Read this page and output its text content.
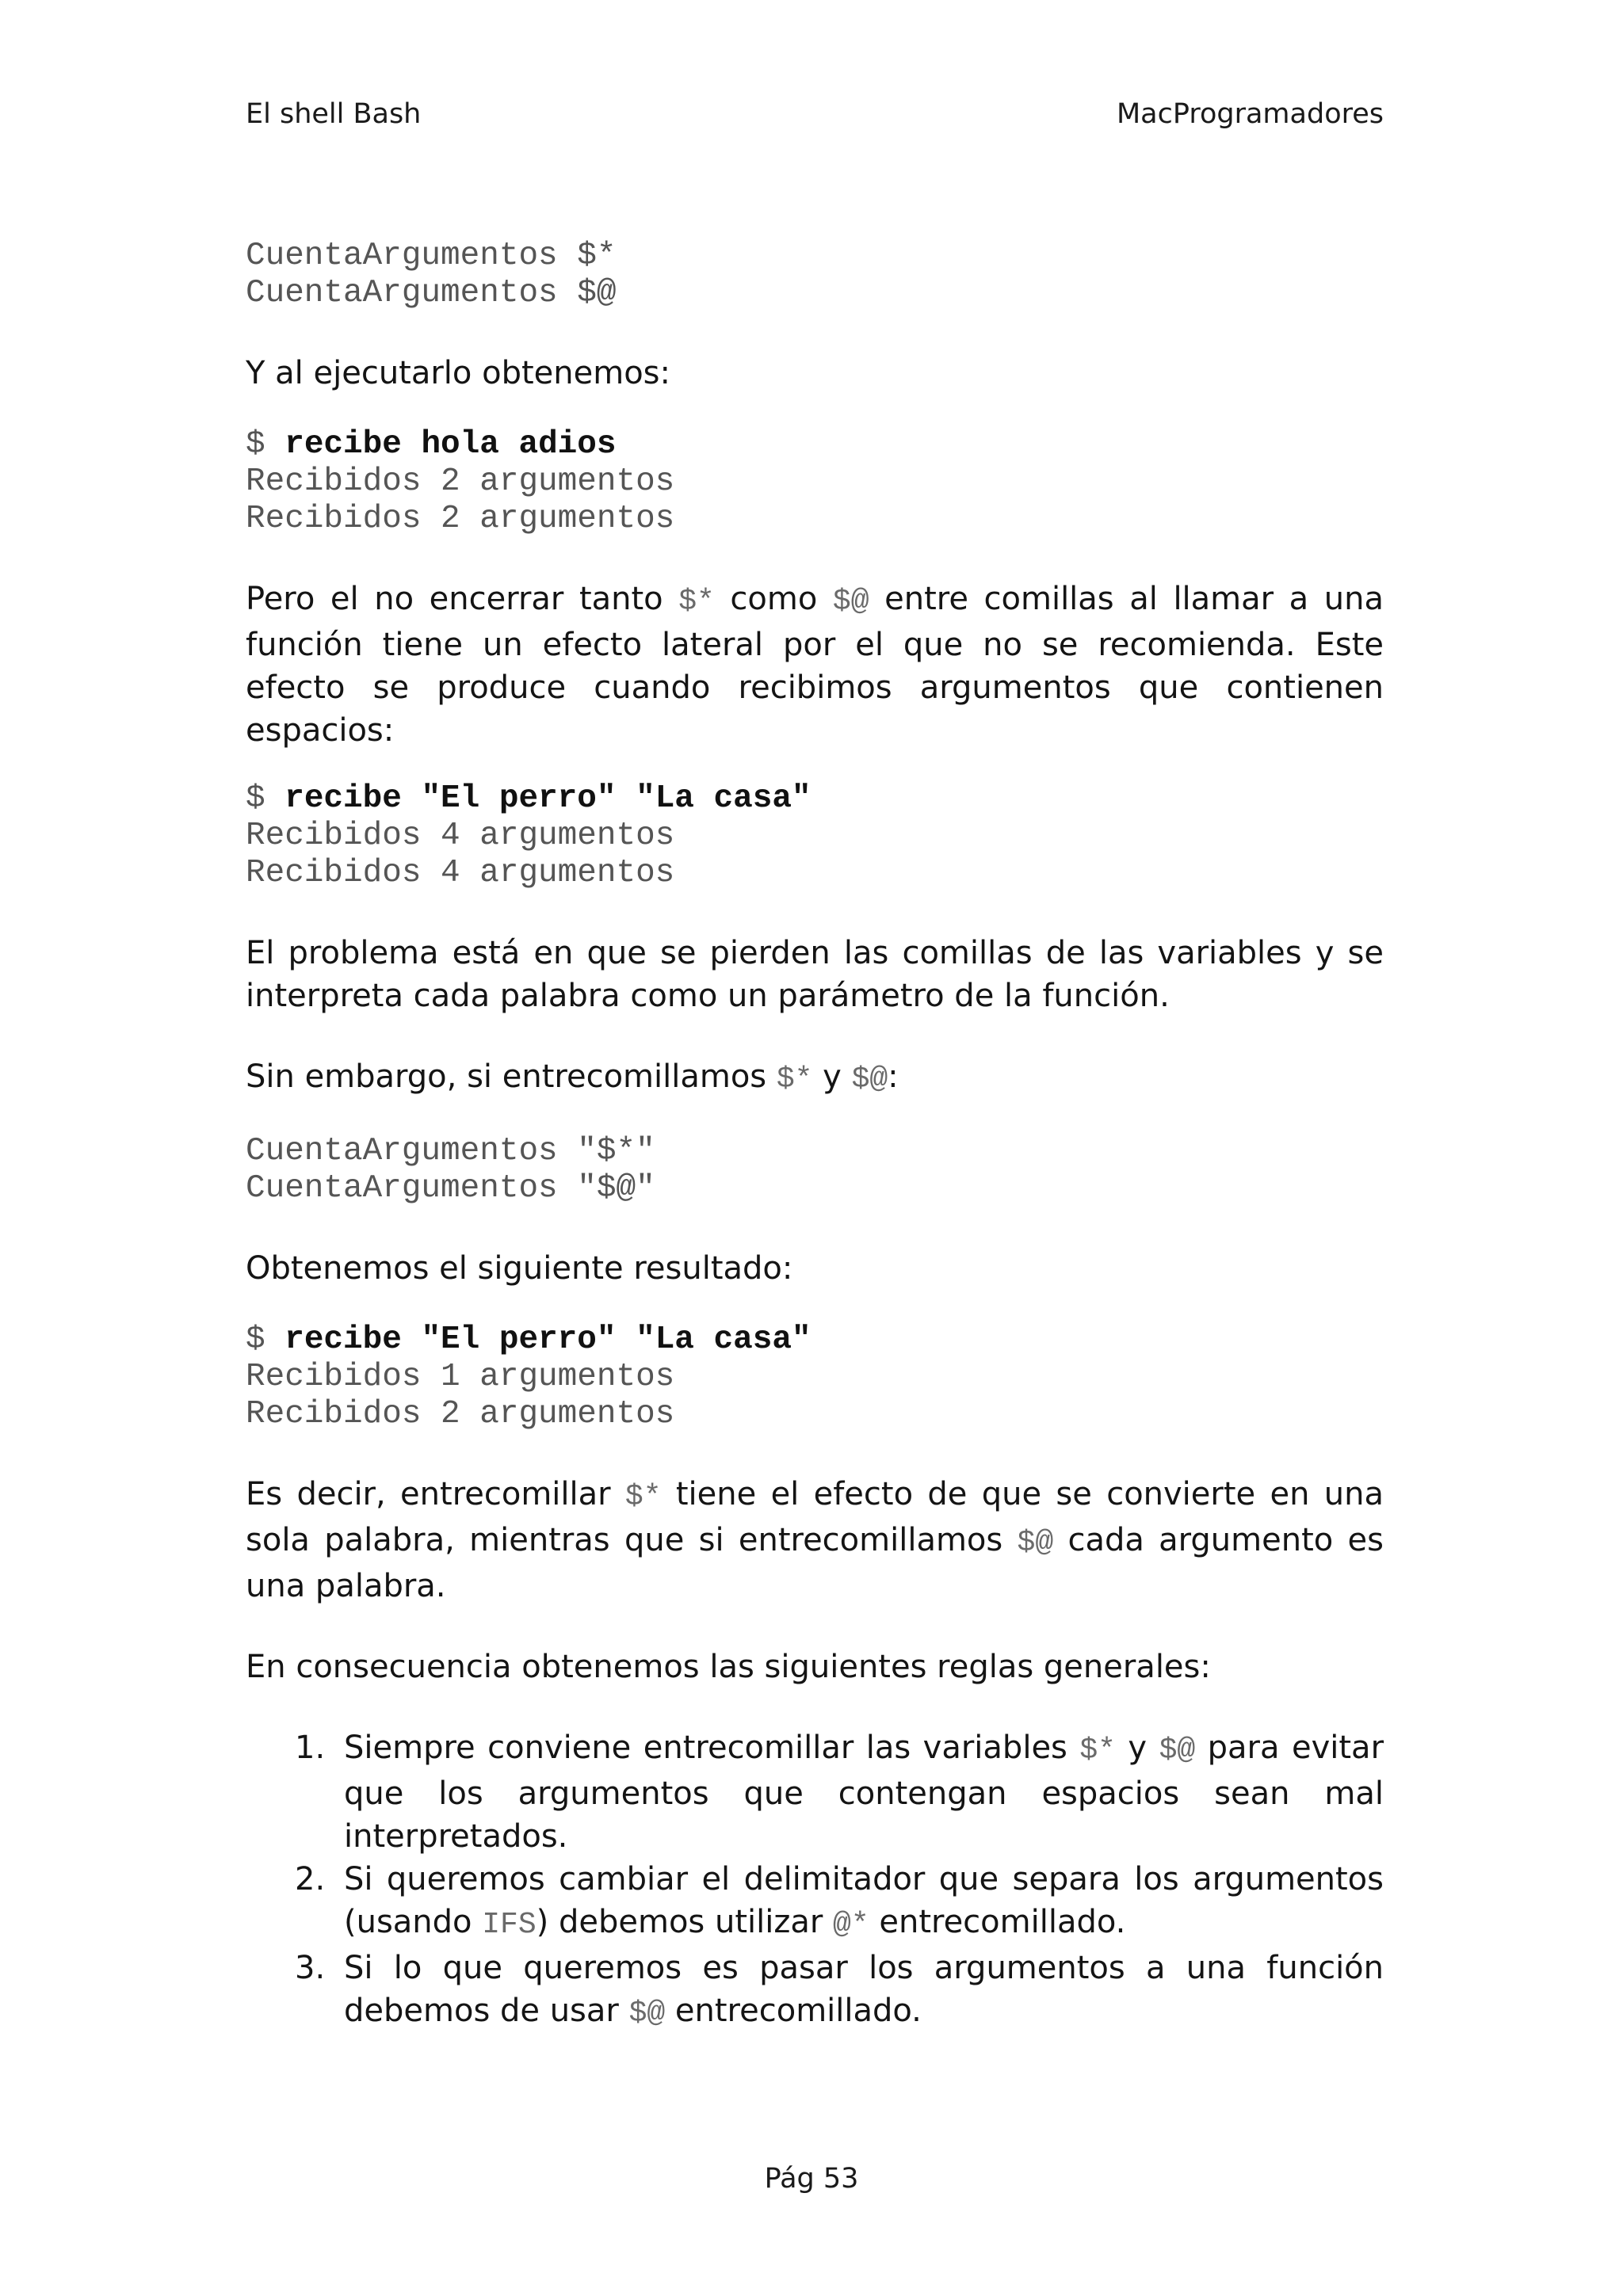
El shell Bash	MacProgramadores
CuentaArgumentos $*
CuentaArgumentos $@

Y al ejecutarlo obtenemos:

$ recibe hola adios
Recibidos 2 argumentos
Recibidos 2 argumentos

Pero el no encerrar tanto $* como $@ entre comillas al llamar a una función tiene un efecto lateral por el que no se recomienda. Este efecto se produce cuando recibimos argumentos que contienen espacios:

$ recibe "El perro" "La casa"
Recibidos 4 argumentos
Recibidos 4 argumentos

El problema está en que se pierden las comillas de las variables y se interpreta cada palabra como un parámetro de la función.

Sin embargo, si entrecomillamos $* y $@:

CuentaArgumentos "$*"
CuentaArgumentos "$@"

Obtenemos el siguiente resultado:

$ recibe "El perro" "La casa"
Recibidos 1 argumentos
Recibidos 2 argumentos

Es decir, entrecomillar $* tiene el efecto de que se convierte en una sola palabra, mientras que si entrecomillamos $@ cada argumento es una palabra.

En consecuencia obtenemos las siguientes reglas generales:

1. Siempre conviene entrecomillar las variables $* y $@ para evitar que los argumentos que contengan espacios sean mal interpretados.
2. Si queremos cambiar el delimitador que separa los argumentos (usando IFS) debemos utilizar @* entrecomillado.
3. Si lo que queremos es pasar los argumentos a una función debemos de usar $@ entrecomillado.
Pág 53
